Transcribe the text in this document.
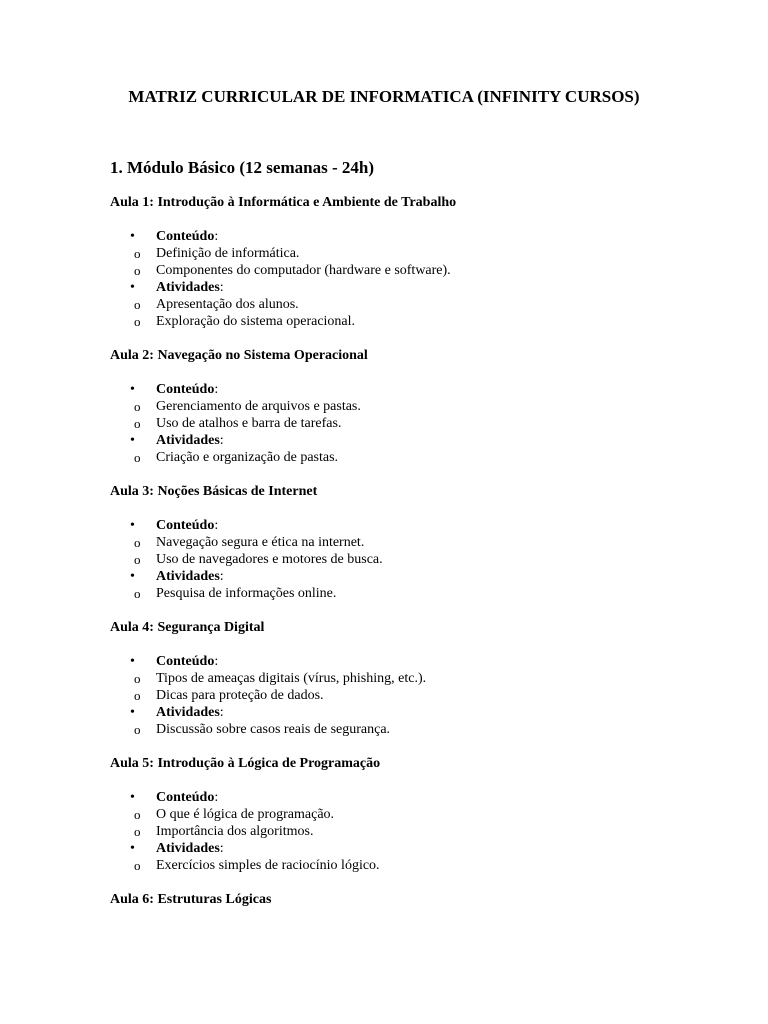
MATRIZ CURRICULAR DE INFORMATICA (INFINITY CURSOS)
1. Módulo Básico (12 semanas - 24h)

Aula 1: Introdução à Informática e Ambiente de Trabalho

• Conteúdo:
o Definição de informática.
o Componentes do computador (hardware e software).
• Atividades:
o Apresentação dos alunos.
o Exploração do sistema operacional.

Aula 2: Navegação no Sistema Operacional

• Conteúdo:
o Gerenciamento de arquivos e pastas.
o Uso de atalhos e barra de tarefas.
• Atividades:
o Criação e organização de pastas.

Aula 3: Noções Básicas de Internet

• Conteúdo:
o Navegação segura e ética na internet.
o Uso de navegadores e motores de busca.
• Atividades:
o Pesquisa de informações online.

Aula 4: Segurança Digital

• Conteúdo:
o Tipos de ameaças digitais (vírus, phishing, etc.).
o Dicas para proteção de dados.
• Atividades:
o Discussão sobre casos reais de segurança.

Aula 5: Introdução à Lógica de Programação

• Conteúdo:
o O que é lógica de programação.
o Importância dos algoritmos.
• Atividades:
o Exercícios simples de raciocínio lógico.

Aula 6: Estruturas Lógicas
